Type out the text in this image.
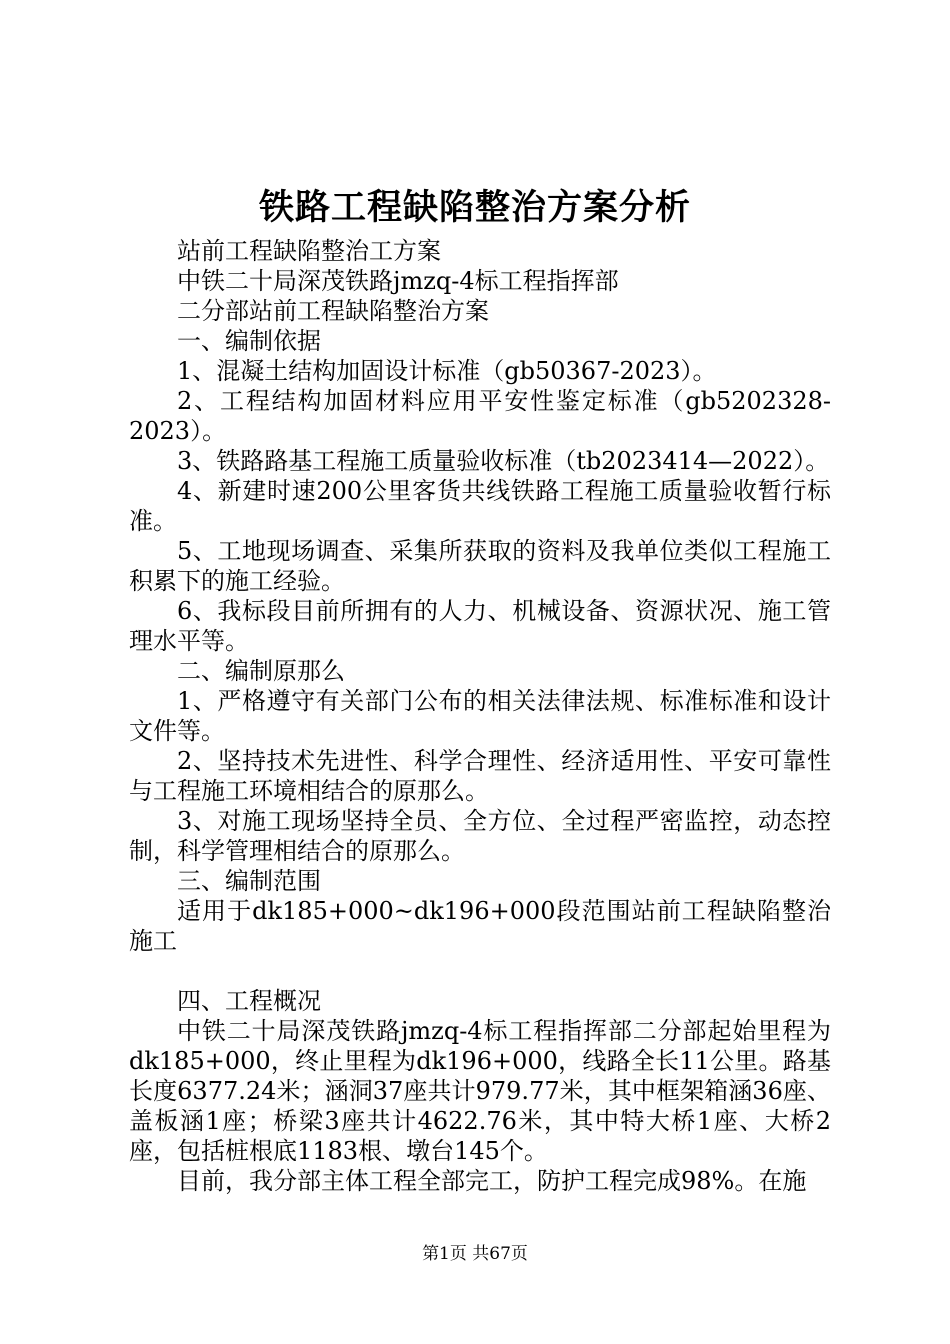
铁路工程缺陷整治方案分析

站前工程缺陷整治工方案

中铁二十局深茂铁路jmzq-4标工程指挥部

二分部站前工程缺陷整治方案

一、编制依据

1、混凝土结构加固设计标准（gb50367-2023）。

2、工程结构加固材料应用平安性鉴定标准（gb5202328-2023）。

3、铁路路基工程施工质量验收标准（tb2023414—2022）。

4、新建时速200公里客货共线铁路工程施工质量验收暂行标准。

5、工地现场调查、采集所获取的资料及我单位类似工程施工积累下的施工经验。

6、我标段目前所拥有的人力、机械设备、资源状况、施工管理水平等。

二、编制原那么

1、严格遵守有关部门公布的相关法律法规、标准标准和设计文件等。

2、坚持技术先进性、科学合理性、经济适用性、平安可靠性与工程施工环境相结合的原那么。

3、对施工现场坚持全员、全方位、全过程严密监控，动态控制，科学管理相结合的原那么。

三、编制范围

适用于dk185+000~dk196+000段范围站前工程缺陷整治施工

四、工程概况

中铁二十局深茂铁路jmzq-4标工程指挥部二分部起始里程为dk185+000，终止里程为dk196+000，线路全长11公里。路基长度6377.24米；涵洞37座共计979.77米，其中框架箱涵36座、盖板涵1座；桥梁3座共计4622.76米，其中特大桥1座、大桥2座，包括桩根底1183根、墩台145个。

目前，我分部主体工程全部完工，防护工程完成98%。在施

第1页 共67页
